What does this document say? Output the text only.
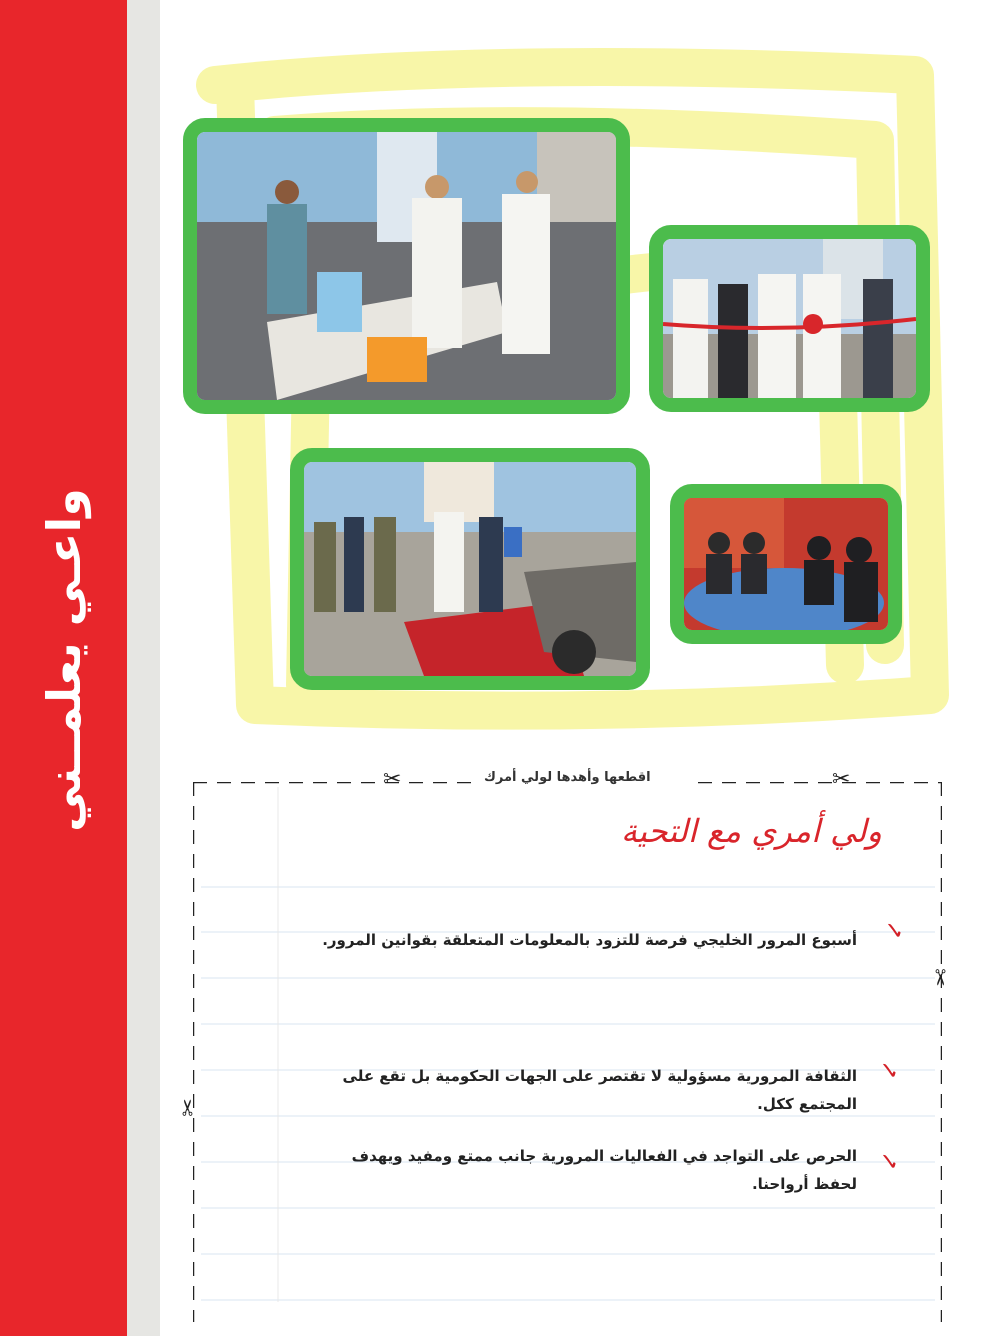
واعـي يعلمــني	اقطعها وأهدها لولي أمرك
✂	✂
✂
✂
ولي أمري مع التحية
✓
أسبوع المرور الخليجي فرصة للتزود بالمعلومات المتعلقة بقوانين المرور.
✓
الثقافة المرورية مسؤولية لا تقتصر على الجهات الحكومية بل تقع على المجتمع ككل.
✓
الحرص على التواجد في الفعاليات المرورية جانب ممتع ومفيد ويهدف لحفظ أرواحنا.
